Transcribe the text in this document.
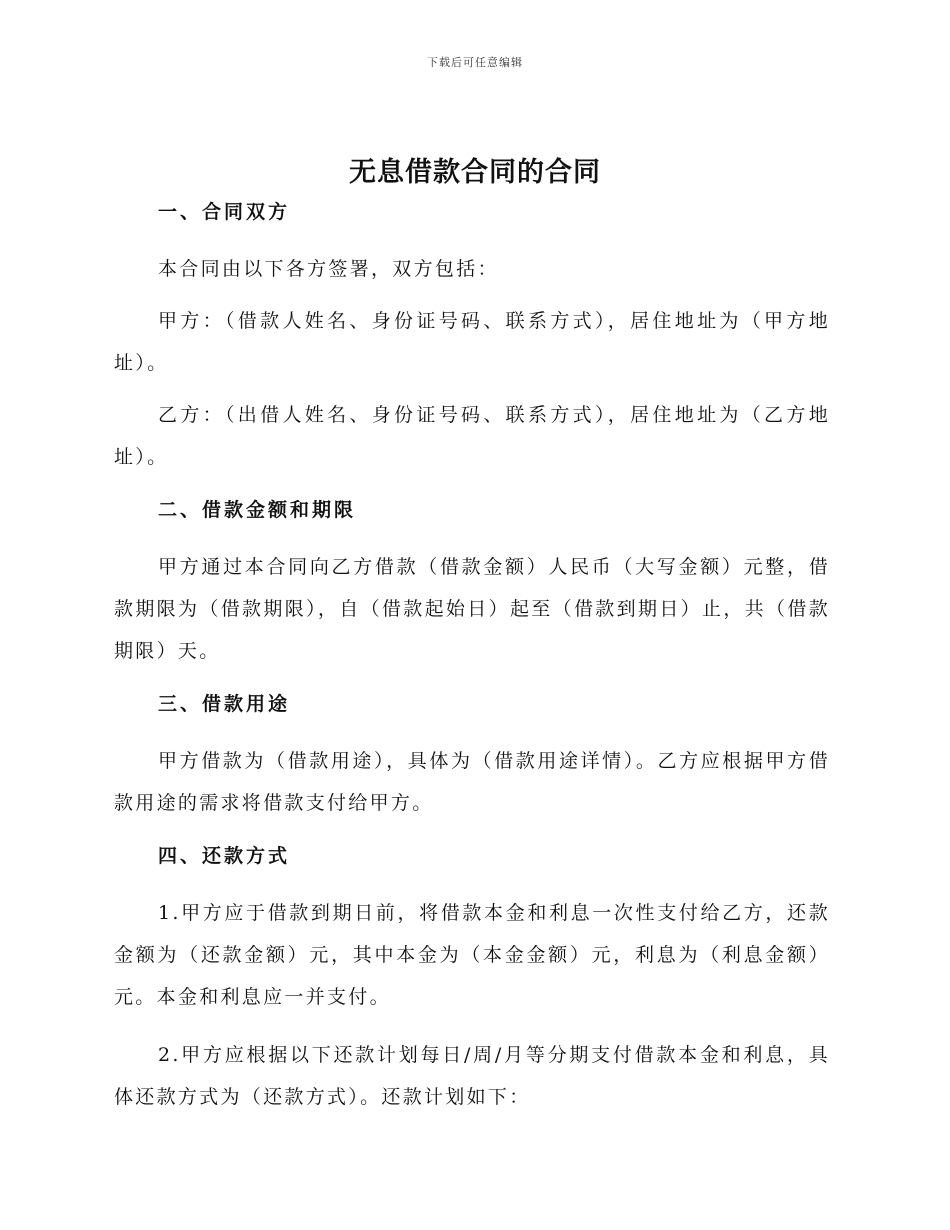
下载后可任意编辑
无息借款合同的合同
一、合同双方
本合同由以下各方签署，双方包括：
甲方：（借款人姓名、身份证号码、联系方式），居住地址为（甲方地址）。
乙方：（出借人姓名、身份证号码、联系方式），居住地址为（乙方地址）。
二、借款金额和期限
甲方通过本合同向乙方借款（借款金额）人民币（大写金额）元整，借款期限为（借款期限），自（借款起始日）起至（借款到期日）止，共（借款期限）天。
三、借款用途
甲方借款为（借款用途），具体为（借款用途详情）。乙方应根据甲方借款用途的需求将借款支付给甲方。
四、还款方式
1.甲方应于借款到期日前，将借款本金和利息一次性支付给乙方，还款金额为（还款金额）元，其中本金为（本金金额）元，利息为（利息金额）元。本金和利息应一并支付。
2.甲方应根据以下还款计划每日/周/月等分期支付借款本金和利息，具体还款方式为（还款方式）。还款计划如下：
